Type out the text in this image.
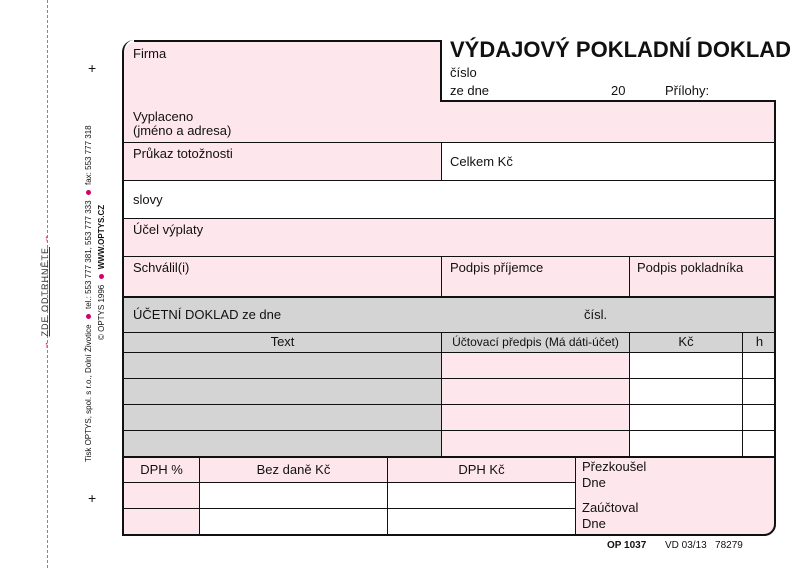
+
+
→ ZDE ODTRHNĚTE →
Tisk OPTYS, spol. s r.o., Dolní Životice  tel.: 553 777 381, 553 777 333  fax: 553 777 318
© OPTYS 1996  WWW.OPTYS.CZ
VÝDAJOVÝ POKLADNÍ DOKLAD
číslo
ze dne	20	Přílohy:
Firma
Vyplaceno
(jméno a adresa)
Průkaz totožnosti
Celkem Kč
slovy
Účel výplaty
Schválil(i)	Podpis příjemce	Podpis pokladníka
ÚČETNÍ DOKLAD ze dne	čísl.
Text	Účtovací předpis (Má dáti-účet)	Kč	h
DPH %	Bez daně Kč	DPH Kč	Přezkoušel
Dne
Zaúčtoval
Dne
OP 1037 VD 03/13   78279
